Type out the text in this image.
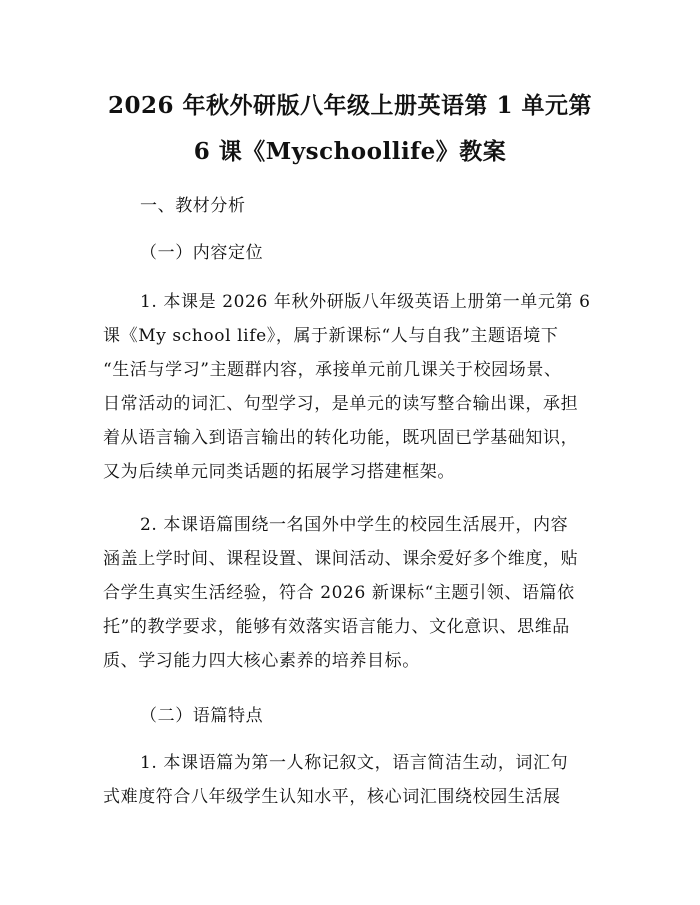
2026 年秋外研版八年级上册英语第 1 单元第
6 课《Myschoollife》教案
一、教材分析
（一）内容定位
1. 本课是 2026 年秋外研版八年级英语上册第一单元第 6
课《My school life》，属于新课标“人与自我”主题语境下
“生活与学习”主题群内容，承接单元前几课关于校园场景、
日常活动的词汇、句型学习，是单元的读写整合输出课，承担
着从语言输入到语言输出的转化功能，既巩固已学基础知识，
又为后续单元同类话题的拓展学习搭建框架。
2. 本课语篇围绕一名国外中学生的校园生活展开，内容
涵盖上学时间、课程设置、课间活动、课余爱好多个维度，贴
合学生真实生活经验，符合 2026 新课标“主题引领、语篇依
托”的教学要求，能够有效落实语言能力、文化意识、思维品
质、学习能力四大核心素养的培养目标。
（二）语篇特点
1. 本课语篇为第一人称记叙文，语言简洁生动，词汇句
式难度符合八年级学生认知水平，核心词汇围绕校园生活展
